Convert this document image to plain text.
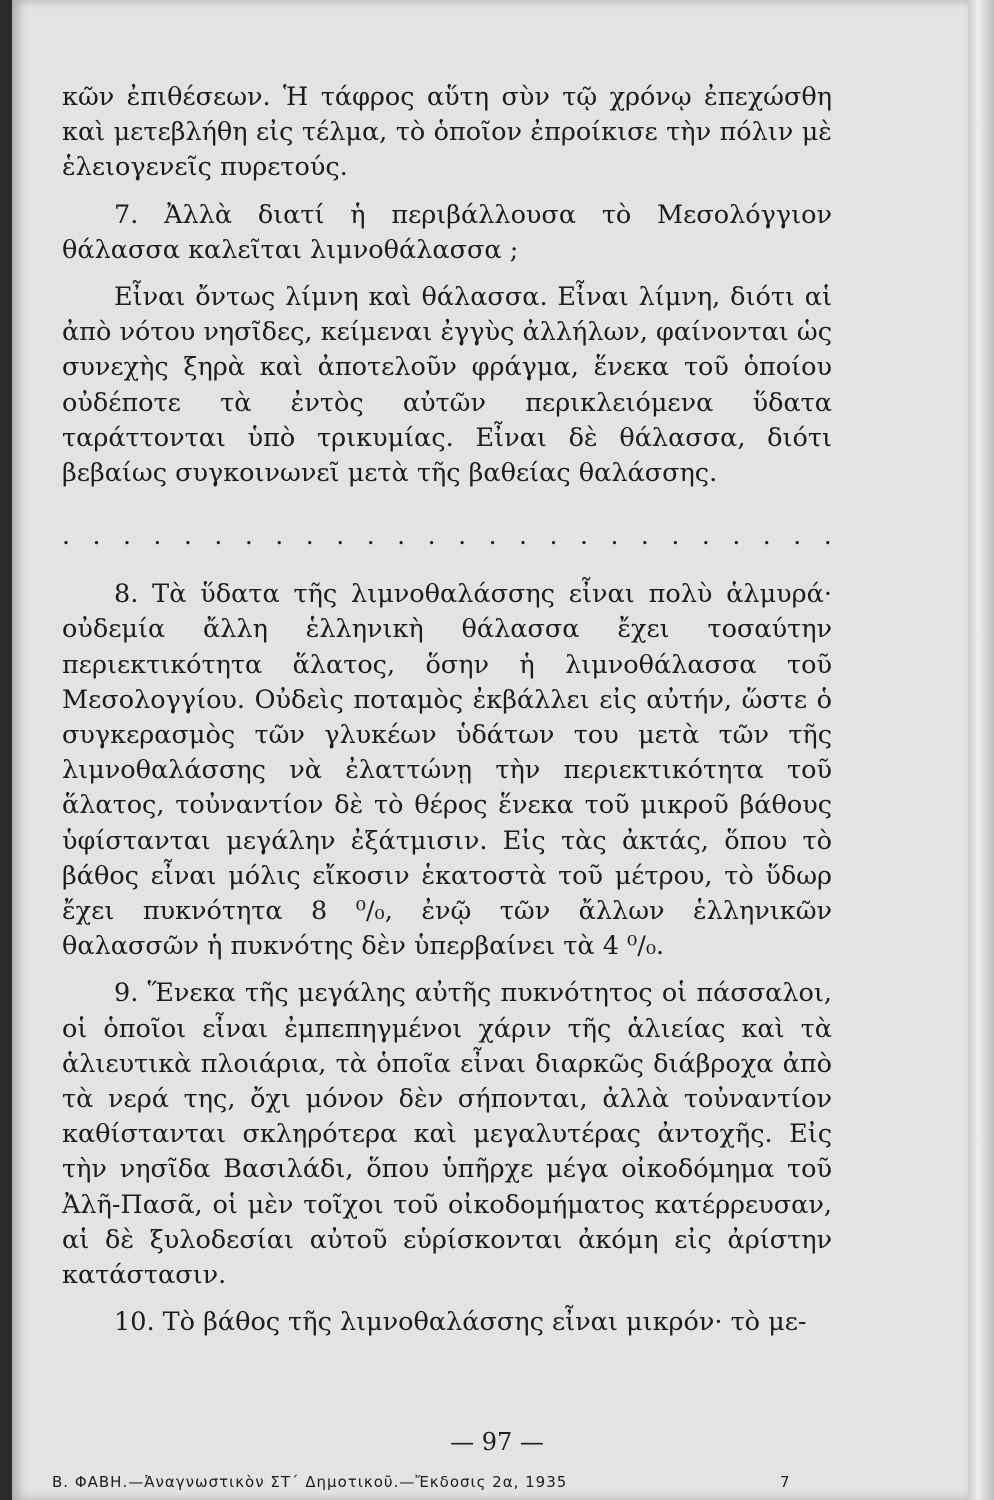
κῶν ἐπιθέσεων. Ἡ τάφρος αὕτη σὺν τῷ χρόνῳ ἐπεχώσθη καὶ μετεβλήθη εἰς τέλμα, τὸ ὁποῖον ἐπροίκισε τὴν πόλιν μὲ ἑλειογενεῖς πυρετούς.

7. Ἀλλὰ διατί ἡ περιβάλλουσα τὸ Μεσολόγγιον θάλασσα καλεῖται λιμνοθάλασσα ;

Εἶναι ὄντως λίμνη καὶ θάλασσα. Εἶναι λίμνη, διότι αἱ ἀπὸ νότου νησῖδες, κείμεναι ἐγγὺς ἀλλήλων, φαίνονται ὡς συνεχὴς ξηρὰ καὶ ἀποτελοῦν φράγμα, ἕνεκα τοῦ ὁποίου οὐδέποτε τὰ ἐντὸς αὐτῶν περικλειόμενα ὕδατα ταράττονται ὑπὸ τρικυμίας. Εἶναι δὲ θάλασσα, διότι βεβαίως συγκοινωνεῖ μετὰ τῆς βαθείας θαλάσσης.

. . . . . . . . . . . . . . . . . . . . . . . . . .

8. Τὰ ὕδατα τῆς λιμνοθαλάσσης εἶναι πολὺ ἁλμυρά· οὐδεμία ἄλλη ἑλληνικὴ θάλασσα ἔχει τοσαύτην περιεκτικότητα ἅλατος, ὅσην ἡ λιμνοθάλασσα τοῦ Μεσολογγίου. Οὐδεὶς ποταμὸς ἐκβάλλει εἰς αὐτήν, ὥστε ὁ συγκερασμὸς τῶν γλυκέων ὑδάτων του μετὰ τῶν τῆς λιμνοθαλάσσης νὰ ἐλαττώνῃ τὴν περιεκτικότητα τοῦ ἅλατος, τοὐναντίον δὲ τὸ θέρος ἕνεκα τοῦ μικροῦ βάθους ὑφίστανται μεγάλην ἐξάτμισιν. Εἰς τὰς ἀκτάς, ὅπου τὸ βάθος εἶναι μόλις εἴκοσιν ἑκατοστὰ τοῦ μέτρου, τὸ ὕδωρ ἔχει πυκνότητα 8 ⁰/₀, ἐνῷ τῶν ἄλλων ἑλληνικῶν θαλασσῶν ἡ πυκνότης δὲν ὑπερβαίνει τὰ 4 ⁰/₀.

9. Ἕνεκα τῆς μεγάλης αὐτῆς πυκνότητος οἱ πάσσαλοι, οἱ ὁποῖοι εἶναι ἐμπεπηγμένοι χάριν τῆς ἁλιείας καὶ τὰ ἁλιευτικὰ πλοιάρια, τὰ ὁποῖα εἶναι διαρκῶς διάβροχα ἀπὸ τὰ νερά της, ὄχι μόνον δὲν σήπονται, ἀλλὰ τοὐναντίον καθίστανται σκληρότερα καὶ μεγαλυτέρας ἀντοχῆς. Εἰς τὴν νησῖδα Βασιλάδι, ὅπου ὑπῆρχε μέγα οἰκοδόμημα τοῦ Ἀλῆ-Πασᾶ, οἱ μὲν τοῖχοι τοῦ οἰκοδομήματος κατέρρευσαν, αἱ δὲ ξυλοδεσίαι αὐτοῦ εὑρίσκονται ἀκόμη εἰς ἀρίστην κατάστασιν.

10. Τὸ βάθος τῆς λιμνοθαλάσσης εἶναι μικρόν· τὸ με-

— 97 —
Β. ΦΑΒΗ.—Ἀναγνωστικὸν ΣΤ΄ Δημοτικοῦ.—Ἔκδοσις 2α, 1935	7
